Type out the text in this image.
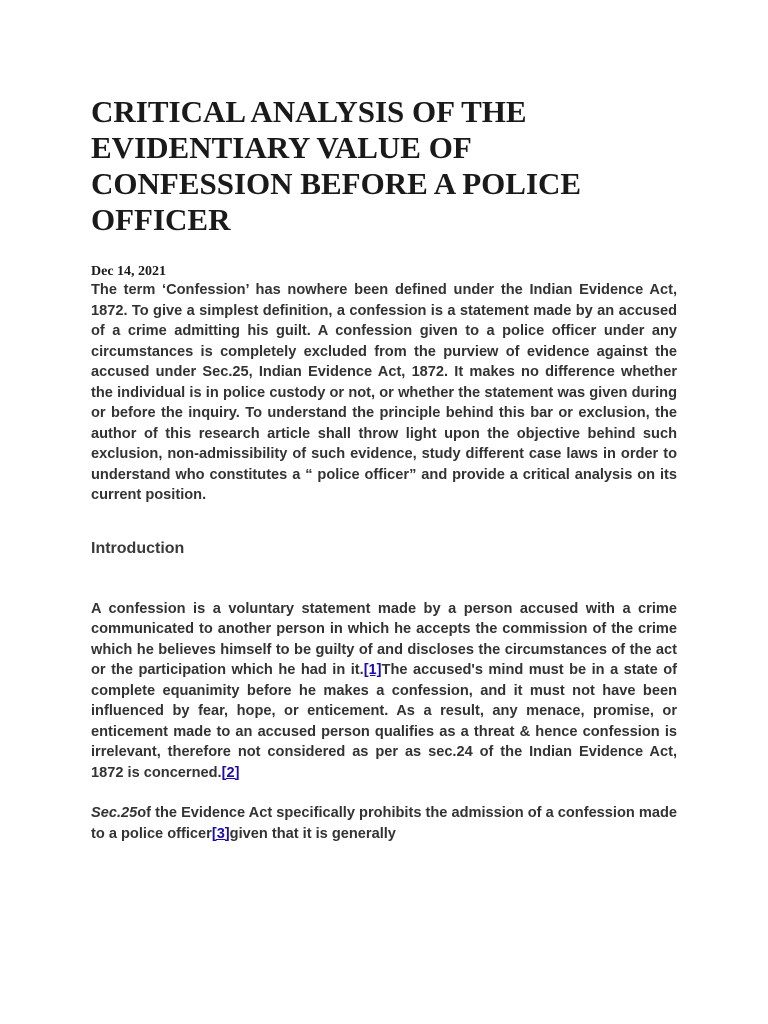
CRITICAL ANALYSIS OF THE EVIDENTIARY VALUE OF CONFESSION BEFORE A POLICE OFFICER
Dec 14, 2021

The term ‘Confession’ has nowhere been defined under the Indian Evidence Act, 1872. To give a simplest definition, a confession is a statement made by an accused of a crime admitting his guilt. A confession given to a police officer under any circumstances is completely excluded from the purview of evidence against the accused under Sec.25, Indian Evidence Act, 1872. It makes no difference whether the individual is in police custody or not, or whether the statement was given during or before the inquiry. To understand the principle behind this bar or exclusion, the author of this research article shall throw light upon the objective behind such exclusion, non-admissibility of such evidence, study different case laws in order to understand who constitutes a “ police officer” and provide a critical analysis on its current position.

Introduction

A confession is a voluntary statement made by a person accused with a crime communicated to another person in which he accepts the commission of the crime which he believes himself to be guilty of and discloses the circumstances of the act or the participation which he had in it.[1]The accused's mind must be in a state of complete equanimity before he makes a confession, and it must not have been influenced by fear, hope, or enticement. As a result, any menace, promise, or enticement made to an accused person qualifies as a threat & hence confession is irrelevant, therefore not considered as per as sec.24 of the Indian Evidence Act, 1872 is concerned.[2]

Sec.25of the Evidence Act specifically prohibits the admission of a confession made to a police officer[3]given that it is generally
